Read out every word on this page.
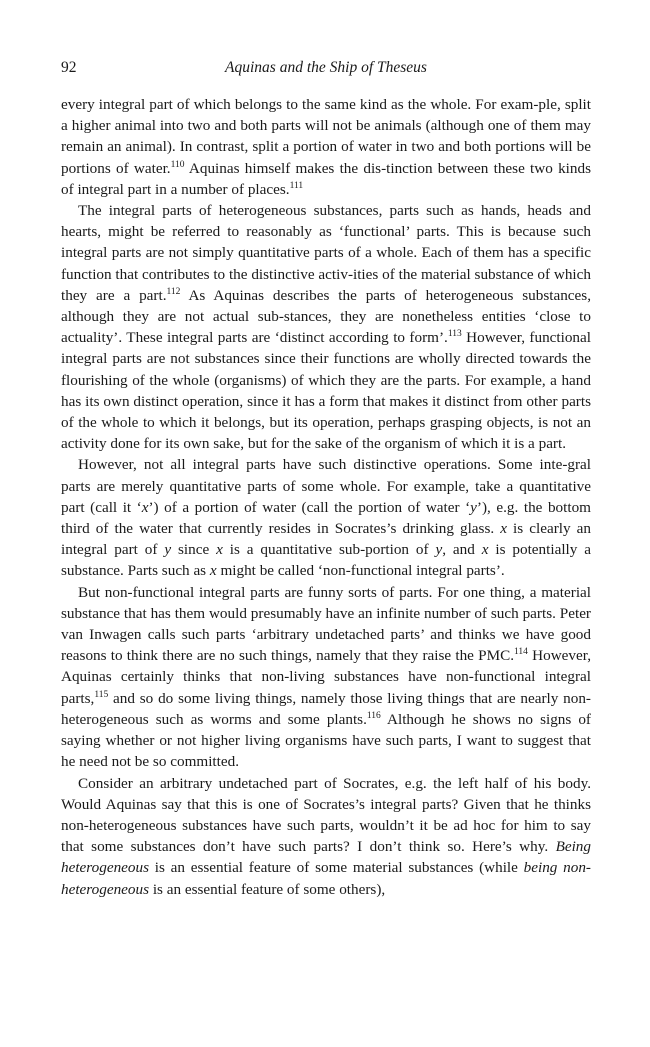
92	Aquinas and the Ship of Theseus

every integral part of which belongs to the same kind as the whole. For exam-ple, split a higher animal into two and both parts will not be animals (although one of them may remain an animal). In contrast, split a portion of water in two and both portions will be portions of water.$^{110}$ Aquinas himself makes the dis-tinction between these two kinds of integral part in a number of places.$^{111}$

The integral parts of heterogeneous substances, parts such as hands, heads and hearts, might be referred to reasonably as ‘functional’ parts. This is because such integral parts are not simply quantitative parts of a whole. Each of them has a specific function that contributes to the distinctive activ-ities of the material substance of which they are a part.$^{112}$ As Aquinas describes the parts of heterogeneous substances, although they are not actual sub-stances, they are nonetheless entities ‘close to actuality’. These integral parts are ‘distinct according to form’.$^{113}$ However, functional integral parts are not substances since their functions are wholly directed towards the flourishing of the whole (organisms) of which they are the parts. For example, a hand has its own distinct operation, since it has a form that makes it distinct from other parts of the whole to which it belongs, but its operation, perhaps grasping objects, is not an activity done for its own sake, but for the sake of the organism of which it is a part.

However, not all integral parts have such distinctive operations. Some inte-gral parts are merely quantitative parts of some whole. For example, take a quantitative part (call it ‘x’) of a portion of water (call the portion of water ‘y’), e.g. the bottom third of the water that currently resides in Socrates’s drinking glass. x is clearly an integral part of y since x is a quantitative sub-portion of y, and x is potentially a substance. Parts such as x might be called ‘non-functional integral parts’.

But non-functional integral parts are funny sorts of parts. For one thing, a material substance that has them would presumably have an infinite number of such parts. Peter van Inwagen calls such parts ‘arbitrary undetached parts’ and thinks we have good reasons to think there are no such things, namely that they raise the PMC.$^{114}$ However, Aquinas certainly thinks that non-living substances have non-functional integral parts,$^{115}$ and so do some living things, namely those living things that are nearly non-heterogeneous such as worms and some plants.$^{116}$ Although he shows no signs of saying whether or not higher living organisms have such parts, I want to suggest that he need not be so committed.

Consider an arbitrary undetached part of Socrates, e.g. the left half of his body. Would Aquinas say that this is one of Socrates’s integral parts? Given that he thinks non-heterogeneous substances have such parts, wouldn’t it be ad hoc for him to say that some substances don’t have such parts? I don’t think so. Here’s why. Being heterogeneous is an essential feature of some material substances (while being non-heterogeneous is an essential feature of some others),
